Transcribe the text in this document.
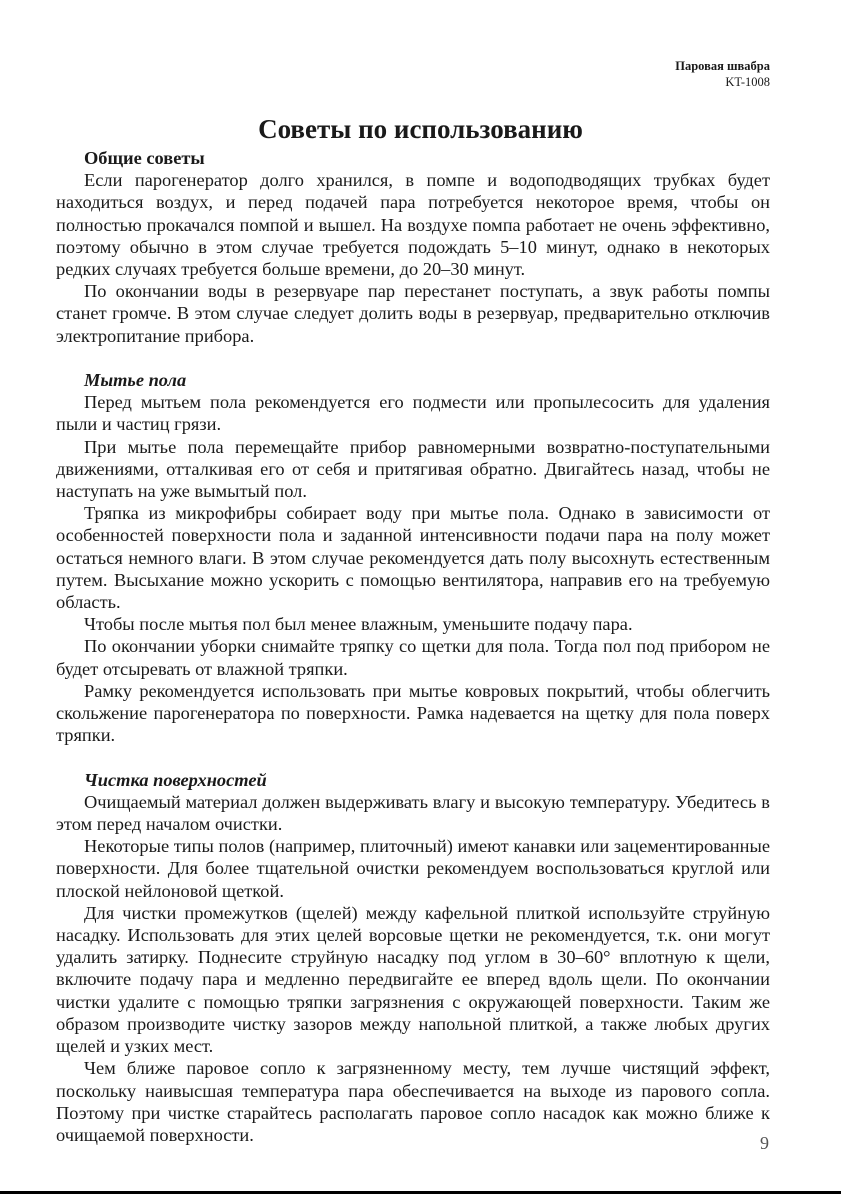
Паровая швабра
KT-1008
Советы по использованию

Общие советы

Если парогенератор долго хранился, в помпе и водоподводящих трубках будет находиться воздух, и перед подачей пара потребуется некоторое время, чтобы он полностью прокачался помпой и вышел. На воздухе помпа работает не очень эффективно, поэтому обычно в этом случае требуется подождать 5–10 минут, однако в некоторых редких случаях требуется больше времени, до 20–30 минут.

По окончании воды в резервуаре пар перестанет поступать, а звук работы помпы станет громче. В этом случае следует долить воды в резервуар, предварительно отключив электропитание прибора.

Мытье пола

Перед мытьем пола рекомендуется его подмести или пропылесосить для удаления пыли и частиц грязи.

При мытье пола перемещайте прибор равномерными возвратно-поступательными движениями, отталкивая его от себя и притягивая обратно. Двигайтесь назад, чтобы не наступать на уже вымытый пол.

Тряпка из микрофибры собирает воду при мытье пола. Однако в зависимости от особенностей поверхности пола и заданной интенсивности подачи пара на полу может остаться немного влаги. В этом случае рекомендуется дать полу высохнуть естественным путем. Высыхание можно ускорить с помощью вентилятора, направив его на требуемую область.

Чтобы после мытья пол был менее влажным, уменьшите подачу пара.

По окончании уборки снимайте тряпку со щетки для пола. Тогда пол под прибором не будет отсыревать от влажной тряпки.

Рамку рекомендуется использовать при мытье ковровых покрытий, чтобы облегчить скольжение парогенератора по поверхности. Рамка надевается на щетку для пола поверх тряпки.

Чистка поверхностей

Очищаемый материал должен выдерживать влагу и высокую температуру. Убедитесь в этом перед началом очистки.

Некоторые типы полов (например, плиточный) имеют канавки или зацементированные поверхности. Для более тщательной очистки рекомендуем воспользоваться круглой или плоской нейлоновой щеткой.

Для чистки промежутков (щелей) между кафельной плиткой используйте струйную насадку. Использовать для этих целей ворсовые щетки не рекомендуется, т.к. они могут удалить затирку. Поднесите струйную насадку под углом в 30–60° вплотную к щели, включите подачу пара и медленно передвигайте ее вперед вдоль щели. По окончании чистки удалите с помощью тряпки загрязнения с окружающей поверхности. Таким же образом производите чистку зазоров между напольной плиткой, а также любых других щелей и узких мест.

Чем ближе паровое сопло к загрязненному месту, тем лучше чистящий эффект, поскольку наивысшая температура пара обеспечивается на выходе из парового сопла. Поэтому при чистке старайтесь располагать паровое сопло насадок как можно ближе к очищаемой поверхности.	9
